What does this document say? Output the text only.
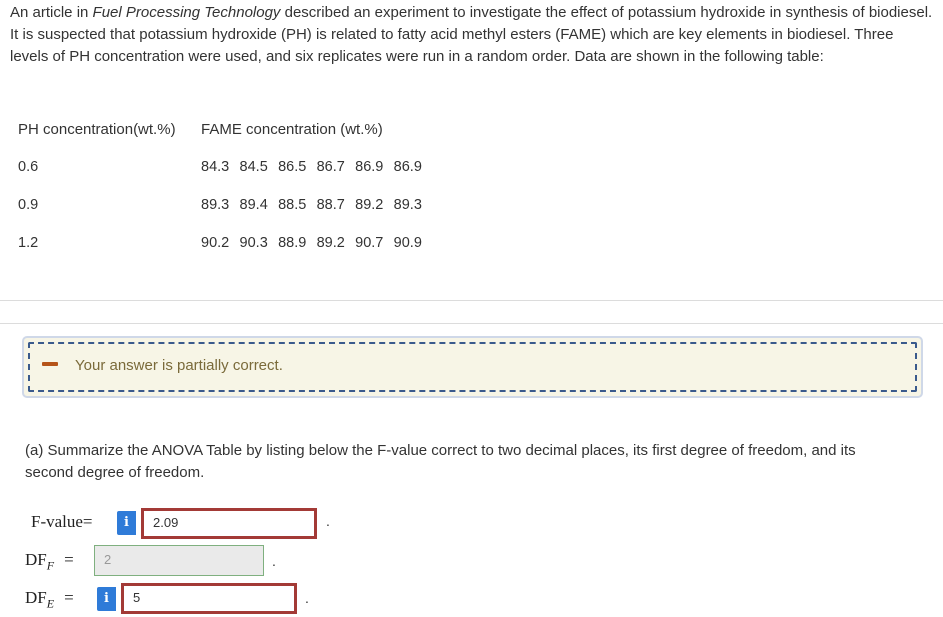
An article in Fuel Processing Technology described an experiment to investigate the effect of potassium hydroxide in synthesis of biodiesel. It is suspected that potassium hydroxide (PH) is related to fatty acid methyl esters (FAME) which are key elements in biodiesel. Three levels of PH concentration were used, and six replicates were run in a random order. Data are shown in the following table:
PH concentration(wt.%) FAME concentration (wt.%)
0.6	84.3 84.5 86.5 86.7 86.9 86.9
0.9	89.3 89.4 88.5 88.7 89.2 89.3
1.2	90.2 90.3 88.9 89.2 90.7 90.9
Your answer is partially correct.
(a) Summarize the ANOVA Table by listing below the F-value correct to two decimal places, its first degree of freedom, and its second degree of freedom.
F-value=	i	2.09	.
$DF_F$ =	2	.
$DF_E$ =	i	5	.
